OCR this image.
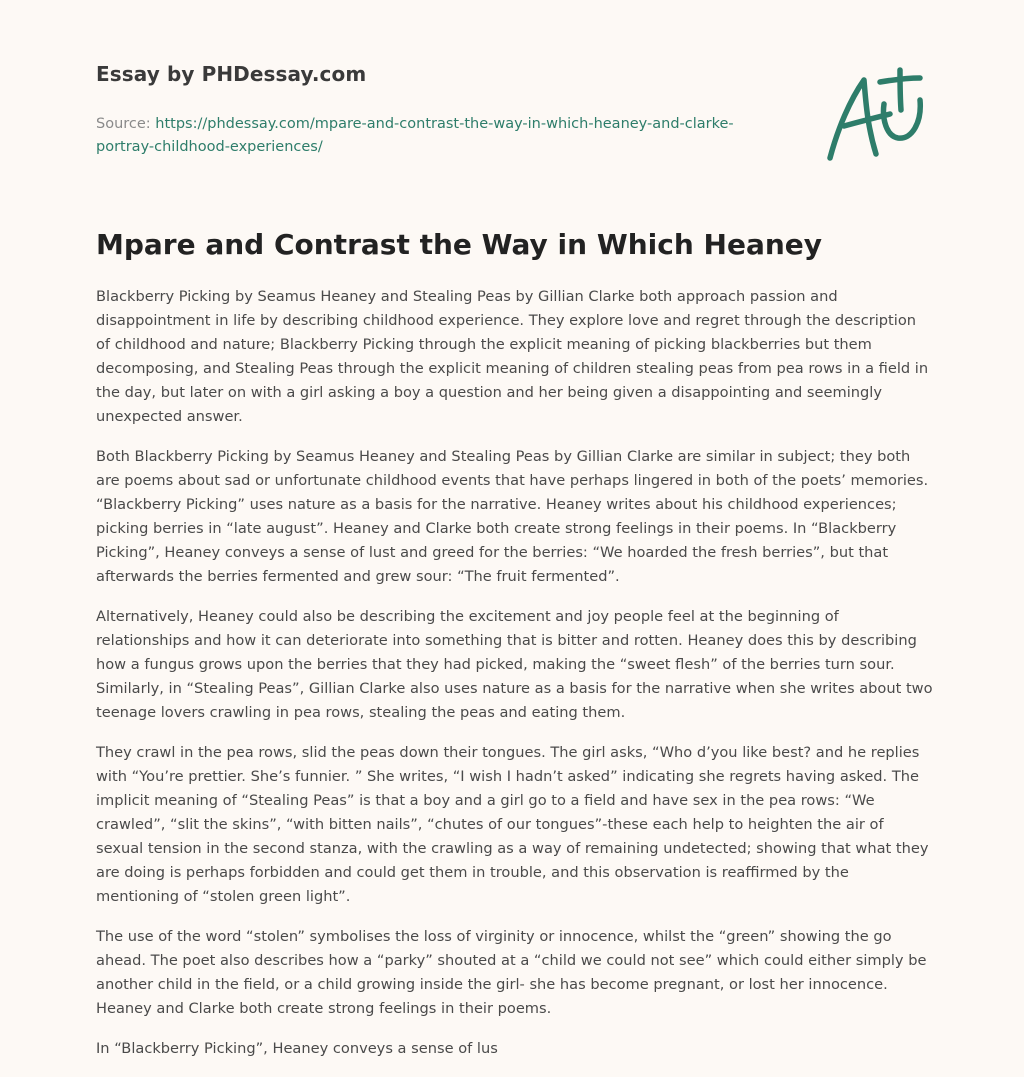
Essay by PHDessay.com
Source: https://phdessay.com/mpare-and-contrast-the-way-in-which-heaney-and-clarke-portray-childhood-experiences/
Mpare and Contrast the Way in Which Heaney

Blackberry Picking by Seamus Heaney and Stealing Peas by Gillian Clarke both approach passion and disappointment in life by describing childhood experience. They explore love and regret through the description of childhood and nature; Blackberry Picking through the explicit meaning of picking blackberries but them decomposing, and Stealing Peas through the explicit meaning of children stealing peas from pea rows in a field in the day, but later on with a girl asking a boy a question and her being given a disappointing and seemingly unexpected answer.

Both Blackberry Picking by Seamus Heaney and Stealing Peas by Gillian Clarke are similar in subject; they both are poems about sad or unfortunate childhood events that have perhaps lingered in both of the poets’ memories. “Blackberry Picking” uses nature as a basis for the narrative. Heaney writes about his childhood experiences; picking berries in “late august”. Heaney and Clarke both create strong feelings in their poems. In “Blackberry Picking”, Heaney conveys a sense of lust and greed for the berries: “We hoarded the fresh berries”, but that afterwards the berries fermented and grew sour: “The fruit fermented”.

Alternatively, Heaney could also be describing the excitement and joy people feel at the beginning of relationships and how it can deteriorate into something that is bitter and rotten. Heaney does this by describing how a fungus grows upon the berries that they had picked, making the “sweet flesh” of the berries turn sour. Similarly, in “Stealing Peas”, Gillian Clarke also uses nature as a basis for the narrative when she writes about two teenage lovers crawling in pea rows, stealing the peas and eating them.

They crawl in the pea rows, slid the peas down their tongues. The girl asks, “Who d’you like best? and he replies with “You’re prettier. She’s funnier. ” She writes, “I wish I hadn’t asked” indicating she regrets having asked. The implicit meaning of “Stealing Peas” is that a boy and a girl go to a field and have sex in the pea rows: “We crawled”, “slit the skins”, “with bitten nails”, “chutes of our tongues”-these each help to heighten the air of sexual tension in the second stanza, with the crawling as a way of remaining undetected; showing that what they are doing is perhaps forbidden and could get them in trouble, and this observation is reaffirmed by the mentioning of “stolen green light”.

The use of the word “stolen” symbolises the loss of virginity or innocence, whilst the “green” showing the go ahead. The poet also describes how a “parky” shouted at a “child we could not see” which could either simply be another child in the field, or a child growing inside the girl- she has become pregnant, or lost her innocence. Heaney and Clarke both create strong feelings in their poems.

In “Blackberry Picking”, Heaney conveys a sense of lus
